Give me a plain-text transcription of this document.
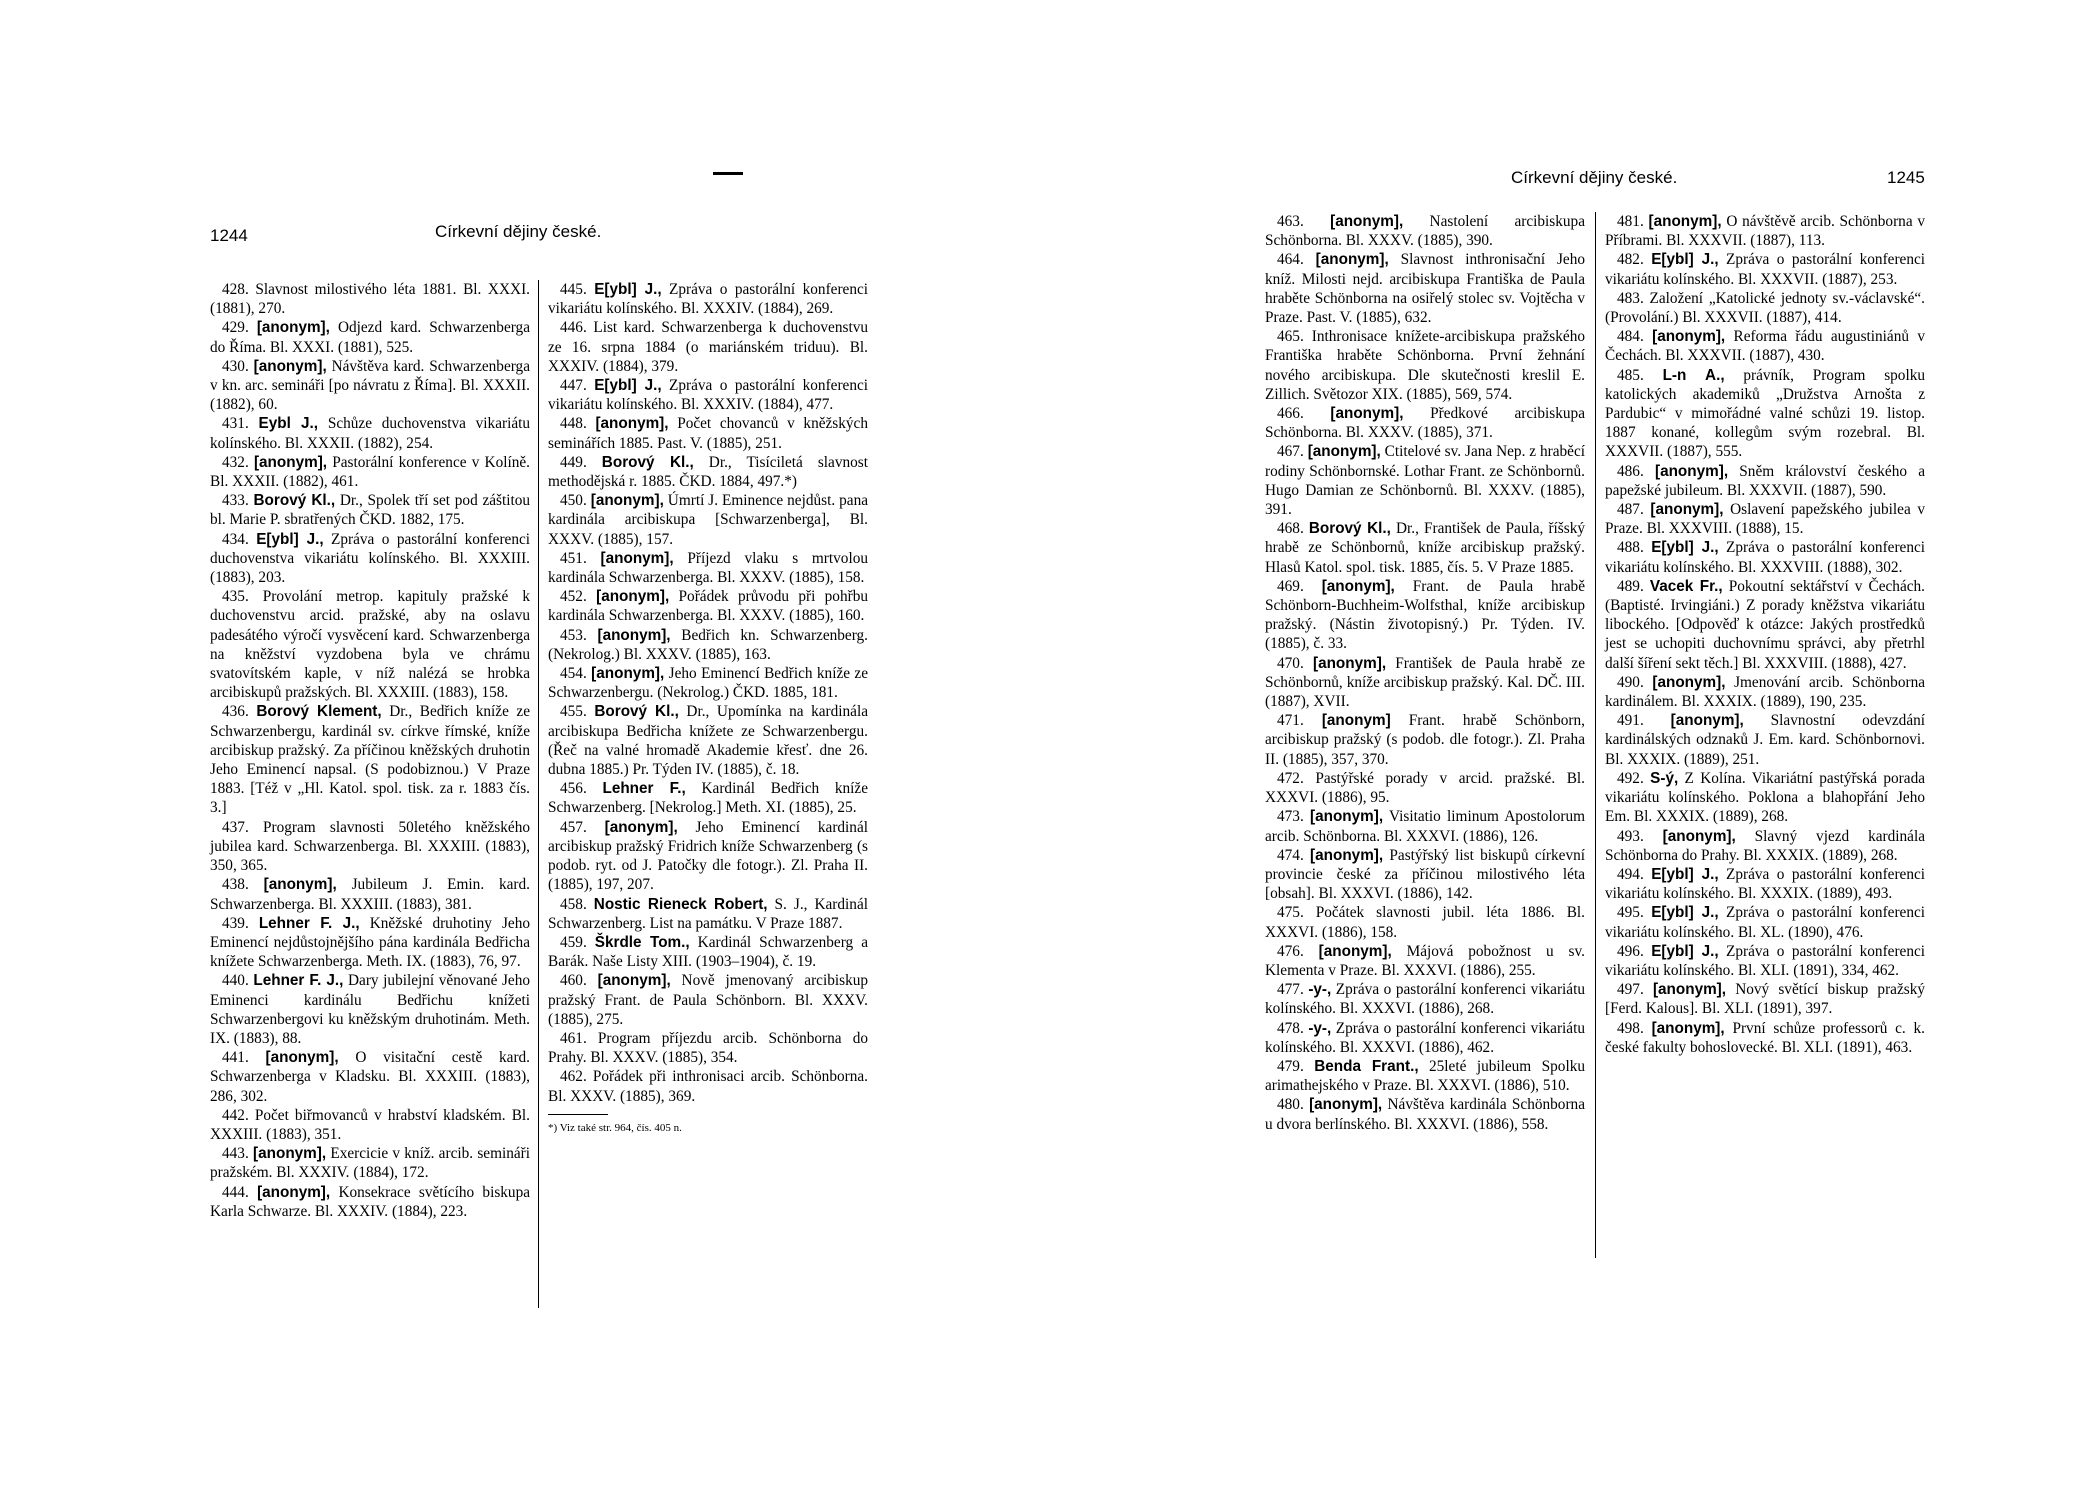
1244	Církevní dějiny české.

428. Slavnost milostivého léta 1881. Bl. XXXI. (1881), 270.

429. [anonym], Odjezd kard. Schwarzenberga do Říma. Bl. XXXI. (1881), 525.

430. [anonym], Návštěva kard. Schwarzenberga v kn. arc. semináři [po návratu z Říma]. Bl. XXXII. (1882), 60.

431. Eybl J., Schůze duchovenstva vikariátu kolínského. Bl. XXXII. (1882), 254.

432. [anonym], Pastorální konference v Kolíně. Bl. XXXII. (1882), 461.

433. Borový Kl., Dr., Spolek tří set pod záštitou bl. Marie P. sbratřených ČKD. 1882, 175.

434. E[ybl] J., Zpráva o pastorální konferenci duchovenstva vikariátu kolínského. Bl. XXXIII. (1883), 203.

435. Provolání metrop. kapituly pražské k duchovenstvu arcid. pražské, aby na oslavu padesátého výročí vysvěcení kard. Schwarzenberga na kněžství vyzdobena byla ve chrámu svatovítském kaple, v níž nalézá se hrobka arcibiskupů pražských. Bl. XXXIII. (1883), 158.

436. Borový Klement, Dr., Bedřich kníže ze Schwarzenbergu, kardinál sv. církve římské, kníže arcibiskup pražský. Za příčinou kněžských druhotin Jeho Eminencí napsal. (S podobiznou.) V Praze 1883. [Též v „Hl. Katol. spol. tisk. za r. 1883 čís. 3.]

437. Program slavnosti 50letého kněžského jubilea kard. Schwarzenberga. Bl. XXXIII. (1883), 350, 365.

438. [anonym], Jubileum J. Emin. kard. Schwarzenberga. Bl. XXXIII. (1883), 381.

439. Lehner F. J., Kněžské druhotiny Jeho Eminencí nejdůstojnějšího pána kardinála Bedřicha knížete Schwarzenberga. Meth. IX. (1883), 76, 97.

440. Lehner F. J., Dary jubilejní věnované Jeho Eminenci kardinálu Bedřichu knížeti Schwarzenbergovi ku kněžským druhotinám. Meth. IX. (1883), 88.

441. [anonym], O visitační cestě kard. Schwarzenberga v Kladsku. Bl. XXXIII. (1883), 286, 302.

442. Počet biřmovanců v hrabství kladském. Bl. XXXIII. (1883), 351.

443. [anonym], Exercicie v kníž. arcib. semináři pražském. Bl. XXXIV. (1884), 172.

444. [anonym], Konsekrace světícího biskupa Karla Schwarze. Bl. XXXIV. (1884), 223.

445. E[ybl] J., Zpráva o pastorální konferenci vikariátu kolínského. Bl. XXXIV. (1884), 269.

446. List kard. Schwarzenberga k duchovenstvu ze 16. srpna 1884 (o mariánském triduu). Bl. XXXIV. (1884), 379.

447. E[ybl] J., Zpráva o pastorální konferenci vikariátu kolínského. Bl. XXXIV. (1884), 477.

448. [anonym], Počet chovanců v kněžských seminářích 1885. Past. V. (1885), 251.

449. Borový Kl., Dr., Tisíciletá slavnost methodějská r. 1885. ČKD. 1884, 497.*)

450. [anonym], Úmrtí J. Eminence nejdůst. pana kardinála arcibiskupa [Schwarzenberga], Bl. XXXV. (1885), 157.

451. [anonym], Příjezd vlaku s mrtvolou kardinála Schwarzenberga. Bl. XXXV. (1885), 158.

452. [anonym], Pořádek průvodu při pohřbu kardinála Schwarzenberga. Bl. XXXV. (1885), 160.

453. [anonym], Bedřich kn. Schwarzenberg. (Nekrolog.) Bl. XXXV. (1885), 163.

454. [anonym], Jeho Eminencí Bedřich kníže ze Schwarzenbergu. (Nekrolog.) ČKD. 1885, 181.

455. Borový Kl., Dr., Upomínka na kardinála arcibiskupa Bedřicha knížete ze Schwarzenbergu. (Řeč na valné hromadě Akademie křesť. dne 26. dubna 1885.) Pr. Týden IV. (1885), č. 18.

456. Lehner F., Kardinál Bedřich kníže Schwarzenberg. [Nekrolog.] Meth. XI. (1885), 25.

457. [anonym], Jeho Eminencí kardinál arcibiskup pražský Fridrich kníže Schwarzenberg (s podob. ryt. od J. Patočky dle fotogr.). Zl. Praha II. (1885), 197, 207.

458. Nostic Rieneck Robert, S. J., Kardinál Schwarzenberg. List na památku. V Praze 1887.

459. Škrdle Tom., Kardinál Schwarzenberg a Barák. Naše Listy XIII. (1903–1904), č. 19.

460. [anonym], Nově jmenovaný arcibiskup pražský Frant. de Paula Schönborn. Bl. XXXV. (1885), 275.

461. Program příjezdu arcib. Schönborna do Prahy. Bl. XXXV. (1885), 354.

462. Pořádek při inthronisaci arcib. Schönborna. Bl. XXXV. (1885), 369.

*) Viz také str. 964, čís. 405 n.
Církevní dějiny české.	1245

463. [anonym], Nastolení arcibiskupa Schönborna. Bl. XXXV. (1885), 390.

464. [anonym], Slavnost inthronisační Jeho kníž. Milosti nejd. arcibiskupa Františka de Paula hraběte Schönborna na osiřelý stolec sv. Vojtěcha v Praze. Past. V. (1885), 632.

465. Inthronisace knížete-arcibiskupa pražského Františka hraběte Schönborna. První žehnání nového arcibiskupa. Dle skutečnosti kreslil E. Zillich. Světozor XIX. (1885), 569, 574.

466. [anonym], Předkové arcibiskupa Schönborna. Bl. XXXV. (1885), 371.

467. [anonym], Ctitelové sv. Jana Nep. z hraběcí rodiny Schönbornské. Lothar Frant. ze Schönbornů. Hugo Damian ze Schönbornů. Bl. XXXV. (1885), 391.

468. Borový Kl., Dr., František de Paula, říšský hrabě ze Schönbornů, kníže arcibiskup pražský. Hlasů Katol. spol. tisk. 1885, čís. 5. V Praze 1885.

469. [anonym], Frant. de Paula hrabě Schönborn-Buchheim-Wolfsthal, kníže arcibiskup pražský. (Nástin životopisný.) Pr. Týden. IV. (1885), č. 33.

470. [anonym], František de Paula hrabě ze Schönbornů, kníže arcibiskup pražský. Kal. DČ. III. (1887), XVII.

471. [anonym] Frant. hrabě Schönborn, arcibiskup pražský (s podob. dle fotogr.). Zl. Praha II. (1885), 357, 370.

472. Pastýřské porady v arcid. pražské. Bl. XXXVI. (1886), 95.

473. [anonym], Visitatio liminum Apostolorum arcib. Schönborna. Bl. XXXVI. (1886), 126.

474. [anonym], Pastýřský list biskupů církevní provincie české za příčinou milostivého léta [obsah]. Bl. XXXVI. (1886), 142.

475. Počátek slavnosti jubil. léta 1886. Bl. XXXVI. (1886), 158.

476. [anonym], Májová pobožnost u sv. Klementa v Praze. Bl. XXXVI. (1886), 255.

477. -y-, Zpráva o pastorální konferenci vikariátu kolínského. Bl. XXXVI. (1886), 268.

478. -y-, Zpráva o pastorální konferenci vikariátu kolínského. Bl. XXXVI. (1886), 462.

479. Benda Frant., 25leté jubileum Spolku arimathejského v Praze. Bl. XXXVI. (1886), 510.

480. [anonym], Návštěva kardinála Schönborna u dvora berlínského. Bl. XXXVI. (1886), 558.

481. [anonym], O návštěvě arcib. Schönborna v Příbrami. Bl. XXXVII. (1887), 113.

482. E[ybl] J., Zpráva o pastorální konferenci vikariátu kolínského. Bl. XXXVII. (1887), 253.

483. Založení „Katolické jednoty sv.-václavské“. (Provolání.) Bl. XXXVII. (1887), 414.

484. [anonym], Reforma řádu augustiniánů v Čechách. Bl. XXXVII. (1887), 430.

485. L-n A., právník, Program spolku katolických akademiků „Družstva Arnošta z Pardubic“ v mimořádné valné schůzi 19. listop. 1887 konané, kollegům svým rozebral. Bl. XXXVII. (1887), 555.

486. [anonym], Sněm království českého a papežské jubileum. Bl. XXXVII. (1887), 590.

487. [anonym], Oslavení papežského jubilea v Praze. Bl. XXXVIII. (1888), 15.

488. E[ybl] J., Zpráva o pastorální konferenci vikariátu kolínského. Bl. XXXVIII. (1888), 302.

489. Vacek Fr., Pokoutní sektářství v Čechách. (Baptisté. Irvingiáni.) Z porady kněžstva vikariátu libockého. [Odpověď k otázce: Jakých prostředků jest se uchopiti duchovnímu správci, aby přetrhl další šíření sekt těch.] Bl. XXXVIII. (1888), 427.

490. [anonym], Jmenování arcib. Schönborna kardinálem. Bl. XXXIX. (1889), 190, 235.

491. [anonym], Slavnostní odevzdání kardinálských odznaků J. Em. kard. Schönbornovi. Bl. XXXIX. (1889), 251.

492. S-ý, Z Kolína. Vikariátní pastýřská porada vikariátu kolínského. Poklona a blahopřání Jeho Em. Bl. XXXIX. (1889), 268.

493. [anonym], Slavný vjezd kardinála Schönborna do Prahy. Bl. XXXIX. (1889), 268.

494. E[ybl] J., Zpráva o pastorální konferenci vikariátu kolínského. Bl. XXXIX. (1889), 493.

495. E[ybl] J., Zpráva o pastorální konferenci vikariátu kolínského. Bl. XL. (1890), 476.

496. E[ybl] J., Zpráva o pastorální konferenci vikariátu kolínského. Bl. XLI. (1891), 334, 462.

497. [anonym], Nový světící biskup pražský [Ferd. Kalous]. Bl. XLI. (1891), 397.

498. [anonym], První schůze professorů c. k. české fakulty bohoslovecké. Bl. XLI. (1891), 463.
